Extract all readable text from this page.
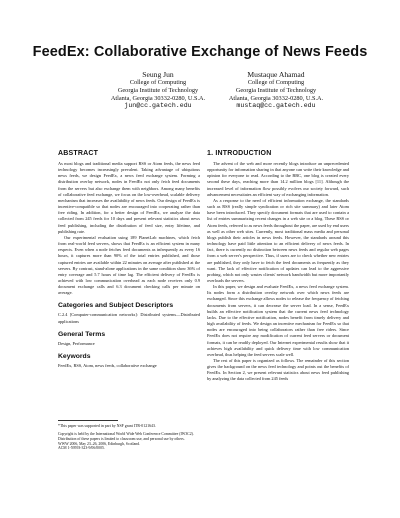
FeedEx: Collaborative Exchange of News Feeds
Seung Jun
College of Computing
Georgia Institute of Technology
Atlanta, Georgia 30332-0280, U.S.A.
jun@cc.gatech.edu
Mustaque Ahamad
College of Computing
Georgia Institute of Technology
Atlanta, Georgia 30332-0280, U.S.A.
mustaq@cc.gatech.edu
ABSTRACT

As most blogs and traditional media support RSS or Atom feeds, the news feed technology becomes increasingly prevalent. Taking advantage of ubiquitous news feeds, we design FeedEx, a news feed exchange system. Forming a distribution overlay network, nodes in FeedEx not only fetch feed documents from the servers but also exchange them with neighbors. Among many benefits of collaborative feed exchange, we focus on the low-overhead, scalable delivery mechanism that increases the availability of news feeds. Our design of FeedEx is incentive-compatible so that nodes are encouraged into cooperating rather than free riding. In addition, for a better design of FeedEx, we analyze the data collected from 245 feeds for 10 days and present relevant statistics about news feed publishing, including the distribution of feed size, entry lifetime, and publishing rate.

Our experimental evaluation using 189 PlanetLab machines, which fetch from real-world feed servers, shows that FeedEx is an efficient system in many respects. Even when a node fetches feed documents as infrequently as every 16 hours, it captures more than 90% of the total entries published, and those captured entries are available within 22 minutes on average after published at the servers. By contrast, stand-alone applications in the same condition show 36% of entry coverage and 5.7 hours of time lag. The efficient delivery of FeedEx is achieved with low communication overhead as each node receives only 0.9 document exchange calls and 6.3 document checking calls per minute on average.

Categories and Subject Descriptors

C.2.4 [Computer-communication networks]: Distributed systems—Distributed applications

General Terms

Design, Performance

Keywords

FeedEx, RSS, Atom, news feeds, collaborative exchange

*This paper was supported in part by NSF grant ITR-0121643.

Copyright is held by the International World Wide Web Conference Committee (IW3C2). Distribution of these papers is limited to classroom use, and personal use by others.

WWW 2006, May 23–26, 2006, Edinburgh, Scotland.

ACM 1-59593-323-9/06/0005.

1. INTRODUCTION

The advent of the web and more recently blogs introduce an unprecedented opportunity for information sharing in that anyone can write their knowledge and opinion for everyone to read. According to the BBC, one blog is created every second these days, reaching more than 14.2 million blogs [11]. Although the increased level of information flow possibly evolves our society forward, such advancement necessitates an efficient way of exchanging information.

As a response to the need of efficient information exchange, the standards such as RSS (really simple syndication or rich site summary) and later Atom have been introduced. They specify document formats that are used to contain a list of entries summarizing recent changes in a web site or a blog. These RSS or Atom feeds, referred to as news feeds throughout the paper, are used by end users as well as other web sites. Currently, most traditional mass media and personal blogs publish their articles in news feeds. However, the standards around this technology have paid little attention to an efficient delivery of news feeds. In fact, there is currently no distinction between news feeds and regular web pages from a web server's perspective. Thus, if users are to check whether new entries are published, they only have to fetch the feed documents as frequently as they want. The lack of effective notification of updates can lead to the aggressive probing, which not only wastes clients' network bandwidth but more importantly overloads the servers.

In this paper, we design and evaluate FeedEx, a news feed exchange system. Its nodes form a distribution overlay network over which news feeds are exchanged. Since this exchange allows nodes to release the frequency of fetching documents from servers, it can decrease the server load. In a sense, FeedEx builds an effective notification system that the current news feed technology lacks. Due to the effective notification, nodes benefit from timely delivery and high availability of feeds. We design an incentive mechanism for FeedEx so that nodes are encouraged into being collaborators rather than free riders. Since FeedEx does not require any modification of current feed servers or document formats, it can be readily deployed. Our Internet experimental results show that it achieves high availability and quick delivery time with low communication overhead, thus helping the feed servers scale well.

The rest of this paper is organized as follows. The remainder of this section gives the background on the news feed technology and points out the benefits of FeedEx. In Section 2, we present relevant statistics about news feed publishing by analyzing the data collected from 245 feeds
